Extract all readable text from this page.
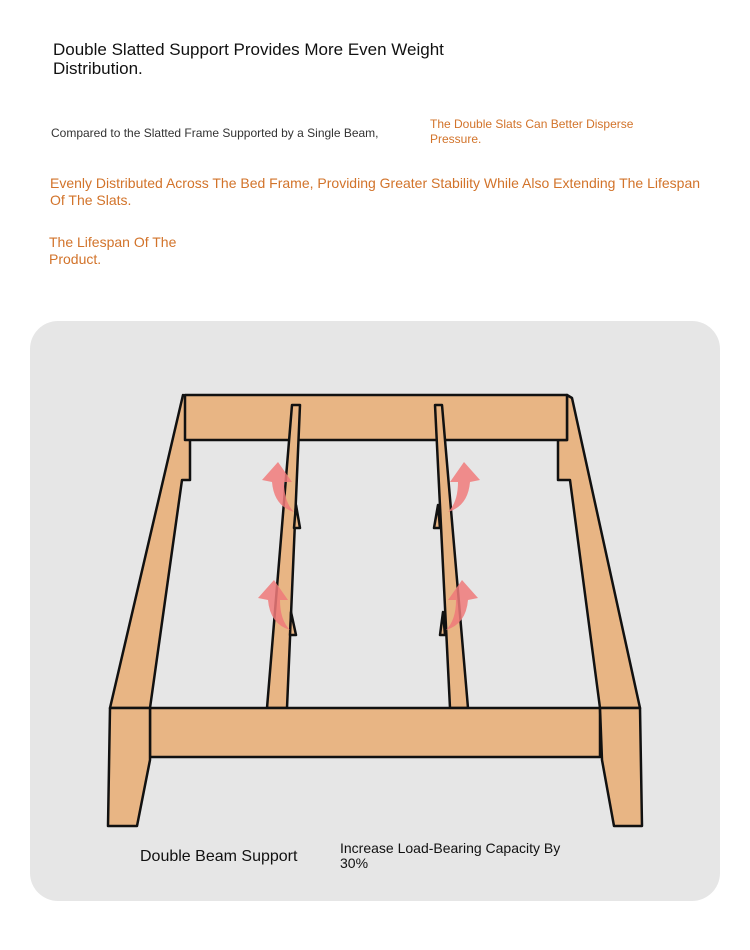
Double Slatted Support Provides More Even Weight Distribution.

Compared to the Slatted Frame Supported by a Single Beam,

The Double Slats Can Better Disperse Pressure.

Evenly Distributed Across The Bed Frame, Providing Greater Stability While Also Extending The Lifespan Of The Slats.

The Lifespan Of The Product.

Double Beam Support	Increase Load-Bearing Capacity By 30%
